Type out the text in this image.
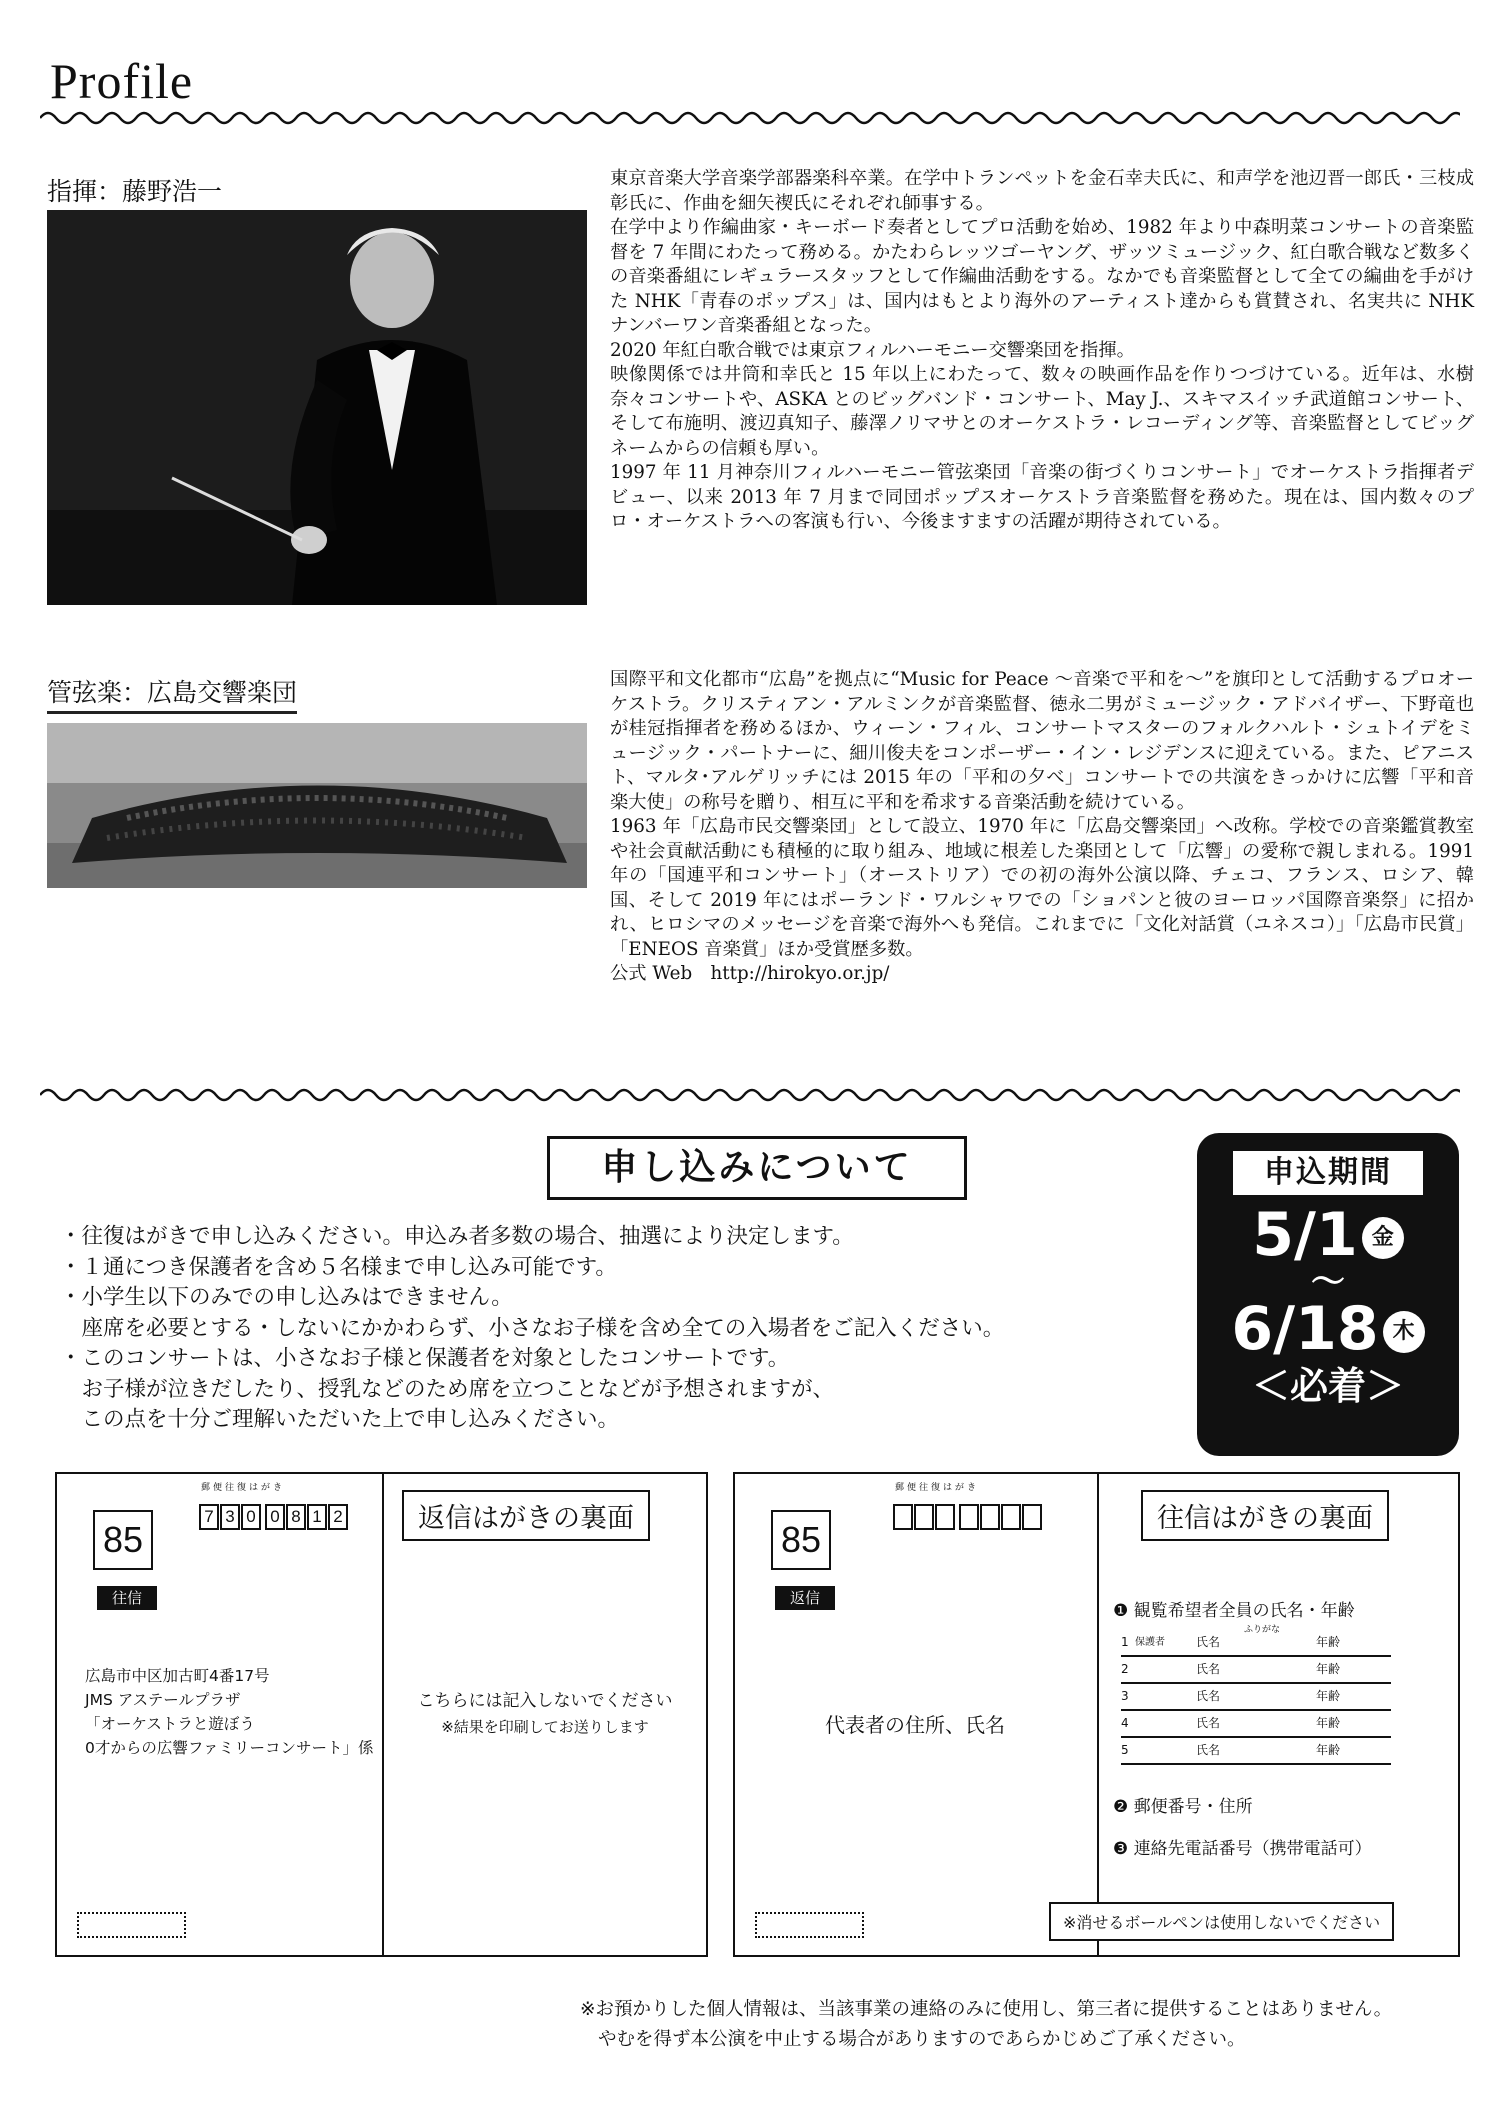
Profile
指揮：藤野浩一	東京音楽大学音楽学部器楽科卒業。在学中トランペットを金石幸夫氏に、和声学を池辺晋一郎氏・三枝成彰氏に、作曲を細矢禊氏にそれぞれ師事する。

在学中より作編曲家・キーボード奏者としてプロ活動を始め、1982 年より中森明菜コンサートの音楽監督を 7 年間にわたって務める。かたわらレッツゴーヤング、ザッツミュージック、紅白歌合戦など数多くの音楽番組にレギュラースタッフとして作編曲活動をする。なかでも音楽監督として全ての編曲を手がけた NHK「青春のポップス」は、国内はもとより海外のアーティスト達からも賞賛され、名実共に NHK ナンバーワン音楽番組となった。

2020 年紅白歌合戦では東京フィルハーモニー交響楽団を指揮。

映像関係では井筒和幸氏と 15 年以上にわたって、数々の映画作品を作りつづけている。近年は、水樹奈々コンサートや、ASKA とのビッグバンド・コンサート、May J.、スキマスイッチ武道館コンサート、そして布施明、渡辺真知子、藤澤ノリマサとのオーケストラ・レコーディング等、音楽監督としてビッグネームからの信頼も厚い。

1997 年 11 月神奈川フィルハーモニー管弦楽団「音楽の街づくりコンサート」でオーケストラ指揮者デビュー、以来 2013 年 7 月まで同団ポップスオーケストラ音楽監督を務めた。現在は、国内数々のプロ・オーケストラへの客演も行い、今後ますますの活躍が期待されている。

管弦楽：広島交響楽団	国際平和文化都市“広島”を拠点に“Music for Peace ～音楽で平和を～”を旗印として活動するプロオーケストラ。クリスティアン・アルミンクが音楽監督、徳永二男がミュージック・アドバイザー、下野竜也が桂冠指揮者を務めるほか、ウィーン・フィル、コンサートマスターのフォルクハルト・シュトイデをミュージック・パートナーに、細川俊夫をコンポーザー・イン・レジデンスに迎えている。また、ピアニスト、マルタ･アルゲリッチには 2015 年の「平和の夕べ」コンサートでの共演をきっかけに広響「平和音楽大使」の称号を贈り、相互に平和を希求する音楽活動を続けている。

1963 年「広島市民交響楽団」として設立、1970 年に「広島交響楽団」へ改称。学校での音楽鑑賞教室や社会貢献活動にも積極的に取り組み、地域に根差した楽団として「広響」の愛称で親しまれる。1991 年の「国連平和コンサート」（オーストリア）での初の海外公演以降、チェコ、フランス、ロシア、韓国、そして 2019 年にはポーランド・ワルシャワでの「ショパンと彼のヨーロッパ国際音楽祭」に招かれ、ヒロシマのメッセージを音楽で海外へも発信。これまでに「文化対話賞（ユネスコ）」「広島市民賞」「ENEOS 音楽賞」ほか受賞歴多数。

公式 Web　http://hirokyo.or.jp/

申し込みについて
・往復はがきで申し込みください。申込み者多数の場合、抽選により決定します。
・１通につき保護者を含め５名様まで申し込み可能です。
・小学生以下のみでの申し込みはできません。
　座席を必要とする・しないにかかわらず、小さなお子様を含め全ての入場者をご記入ください。
・このコンサートは、小さなお子様と保護者を対象としたコンサートです。
　お子様が泣きだしたり、授乳などのため席を立つことなどが予想されますが、
　この点を十分ご理解いただいた上で申し込みください。
申込期間
5/1 金
～
6/18 木
＜必着＞
85
往信
郵便往復はがき
7 3 0 0 8 1 2
広島市中区加古町4番17号
JMS アステールプラザ
「オーケストラと遊ぼう
0才からの広響ファミリーコンサート」係
返信はがきの裏面
こちらには記入しないでください
※結果を印刷してお送りします
85
返信
郵便往復はがき
代表者の住所、氏名
往信はがきの裏面
❶ 観覧希望者全員の氏名・年齢
ふりがな
1 保護者	氏名	年齢
2	氏名	年齢
3	氏名	年齢
4	氏名	年齢
5	氏名	年齢
❷ 郵便番号・住所
❸ 連絡先電話番号（携帯電話可）
※消せるボールペンは使用しないでください
※お預かりした個人情報は、当該事業の連絡のみに使用し、第三者に提供することはありません。
やむを得ず本公演を中止する場合がありますのであらかじめご了承ください。
